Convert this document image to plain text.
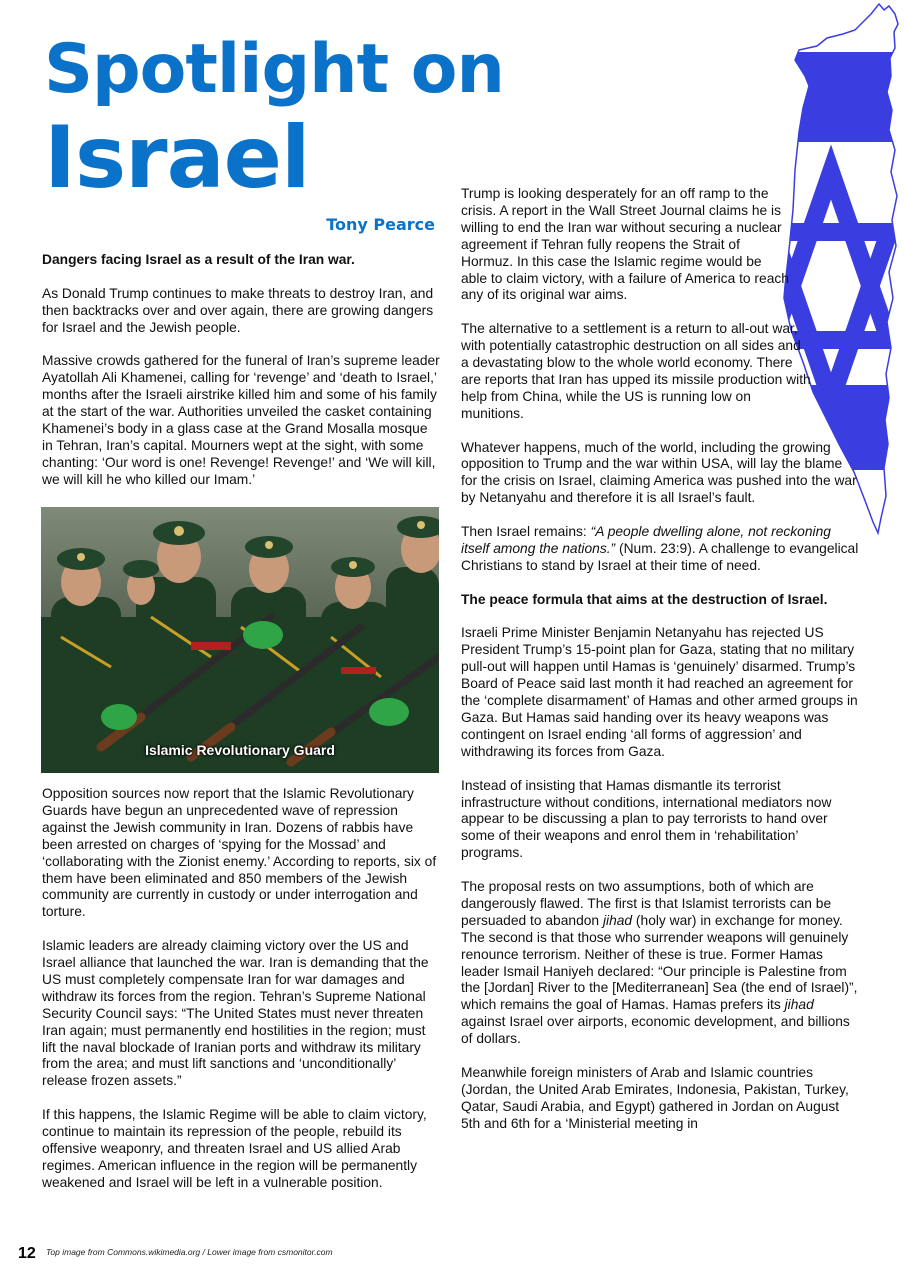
Spotlight on
Israel

Tony Pearce

Dangers facing Israel as a result of the Iran war.

As Donald Trump continues to make threats to destroy Iran, and then backtracks over and over again, there are growing dangers for Israel and the Jewish people.

Massive crowds gathered for the funeral of Iran’s supreme leader Ayatollah Ali Khamenei, calling for ‘revenge’ and ‘death to Israel,’ months after the Israeli airstrike killed him and some of his family at the start of the war. Authorities unveiled the casket containing Khamenei’s body in a glass case at the Grand Mosalla mosque in Tehran, Iran’s capital. Mourners wept at the sight, with some chanting: ‘Our word is one! Revenge! Revenge!’ and ‘We will kill, we will kill he who killed our Imam.’

Islamic Revolutionary Guard

Opposition sources now report that the Islamic Revolutionary Guards have begun an unprecedented wave of repression against the Jewish community in Iran. Dozens of rabbis have been arrested on charges of ‘spying for the Mossad’ and ‘collaborating with the Zionist enemy.’ According to reports, six of them have been eliminated and 850 members of the Jewish community are currently in custody or under interrogation and torture.

Islamic leaders are already claiming victory over the US and Israel alliance that launched the war. Iran is demanding that the US must completely compensate Iran for war damages and withdraw its forces from the region. Tehran’s Supreme National Security Council says: “The United States must never threaten Iran again; must permanently end hostilities in the region; must lift the naval blockade of Iranian ports and withdraw its military from the area; and must lift sanctions and ‘unconditionally’ release frozen assets.”

If this happens, the Islamic Regime will be able to claim victory, continue to maintain its repression of the people, rebuild its offensive weaponry, and threaten Israel and US allied Arab regimes. American influence in the region will be permanently weakened and Israel will be left in a vulnerable position.

Trump is looking desperately for an off ramp to the crisis. A report in the Wall Street Journal claims he is willing to end the Iran war without securing a nuclear agreement if Tehran fully reopens the Strait of Hormuz. In this case the Islamic regime would be able to claim victory, with a failure of America to reach any of its original war aims.

The alternative to a settlement is a return to all-out war, with potentially catastrophic destruction on all sides and a devastating blow to the whole world economy. There are reports that Iran has upped its missile production with help from China, while the US is running low on munitions.

Whatever happens, much of the world, including the growing opposition to Trump and the war within USA, will lay the blame for the crisis on Israel, claiming America was pushed into the war by Netanyahu and therefore it is all Israel’s fault.

Then Israel remains: “A people dwelling alone, not reckoning itself among the nations.” (Num. 23:9). A challenge to evangelical Christians to stand by Israel at their time of need.

The peace formula that aims at the destruction of Israel.

Israeli Prime Minister Benjamin Netanyahu has rejected US President Trump’s 15-point plan for Gaza, stating that no military pull-out will happen until Hamas is ‘genuinely’ disarmed. Trump’s Board of Peace said last month it had reached an agreement for the ‘complete disarmament’ of Hamas and other armed groups in Gaza. But Hamas said handing over its heavy weapons was contingent on Israel ending ‘all forms of aggression’ and withdrawing its forces from Gaza.

Instead of insisting that Hamas dismantle its terrorist infrastructure without conditions, international mediators now appear to be discussing a plan to pay terrorists to hand over some of their weapons and enrol them in ‘rehabilitation’ programs.

The proposal rests on two assumptions, both of which are dangerously flawed. The first is that Islamist terrorists can be persuaded to abandon jihad (holy war) in exchange for money. The second is that those who surrender weapons will genuinely renounce terrorism. Neither of these is true. Former Hamas leader Ismail Haniyeh declared: “Our principle is Palestine from the [Jordan] River to the [Mediterranean] Sea (the end of Israel)”, which remains the goal of Hamas. Hamas prefers its jihad against Israel over airports, economic development, and billions of dollars.

Meanwhile foreign ministers of Arab and Islamic countries (Jordan, the United Arab Emirates, Indonesia, Pakistan, Turkey, Qatar, Saudi Arabia, and Egypt) gathered in Jordan on August 5th and 6th for a ‘Ministerial meeting in

12 Top image from Commons.wikimedia.org / Lower image from csmonitor.com
